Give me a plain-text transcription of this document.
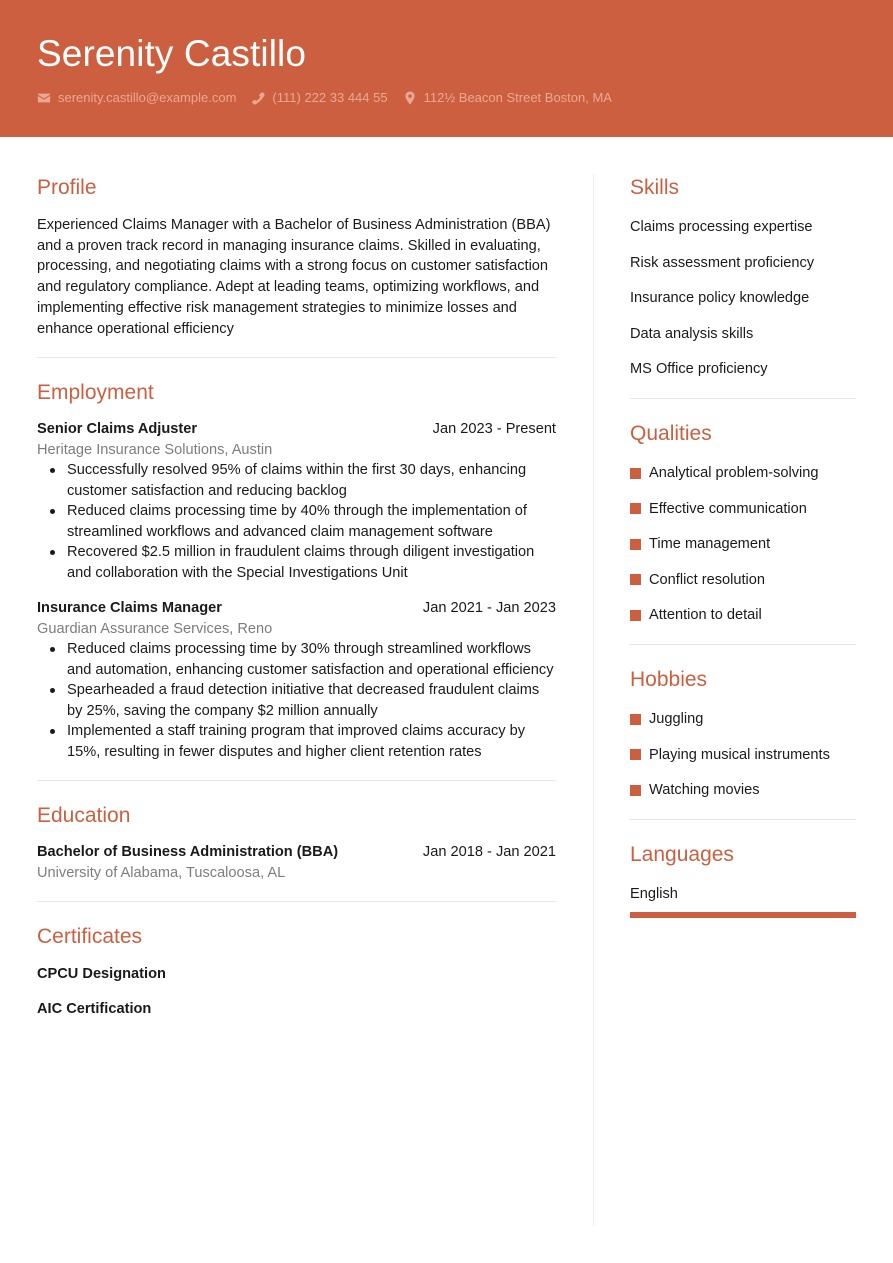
Serenity Castillo
serenity.castillo@example.com	(111) 222 33 444 55	112½ Beacon Street Boston, MA
Profile

Experienced Claims Manager with a Bachelor of Business Administration (BBA) and a proven track record in managing insurance claims. Skilled in evaluating, processing, and negotiating claims with a strong focus on customer satisfaction and regulatory compliance. Adept at leading teams, optimizing workflows, and implementing effective risk management strategies to minimize losses and enhance operational efficiency

Employment
Senior Claims Adjuster	Jan 2023 - Present
Heritage Insurance Solutions, Austin
Successfully resolved 95% of claims within the first 30 days, enhancing customer satisfaction and reducing backlog
Reduced claims processing time by 40% through the implementation of streamlined workflows and advanced claim management software
Recovered $2.5 million in fraudulent claims through diligent investigation and collaboration with the Special Investigations Unit
Insurance Claims Manager	Jan 2021 - Jan 2023
Guardian Assurance Services, Reno
Reduced claims processing time by 30% through streamlined workflows and automation, enhancing customer satisfaction and operational efficiency
Spearheaded a fraud detection initiative that decreased fraudulent claims by 25%, saving the company $2 million annually
Implemented a staff training program that improved claims accuracy by 15%, resulting in fewer disputes and higher client retention rates
Education
Bachelor of Business Administration (BBA)	Jan 2018 - Jan 2021
University of Alabama, Tuscaloosa, AL
Certificates
CPCU Designation
AIC Certification
Skills
Claims processing expertise
Risk assessment proficiency
Insurance policy knowledge
Data analysis skills
MS Office proficiency
Qualities
Analytical problem-solving
Effective communication
Time management
Conflict resolution
Attention to detail
Hobbies
Juggling
Playing musical instruments
Watching movies
Languages
English
